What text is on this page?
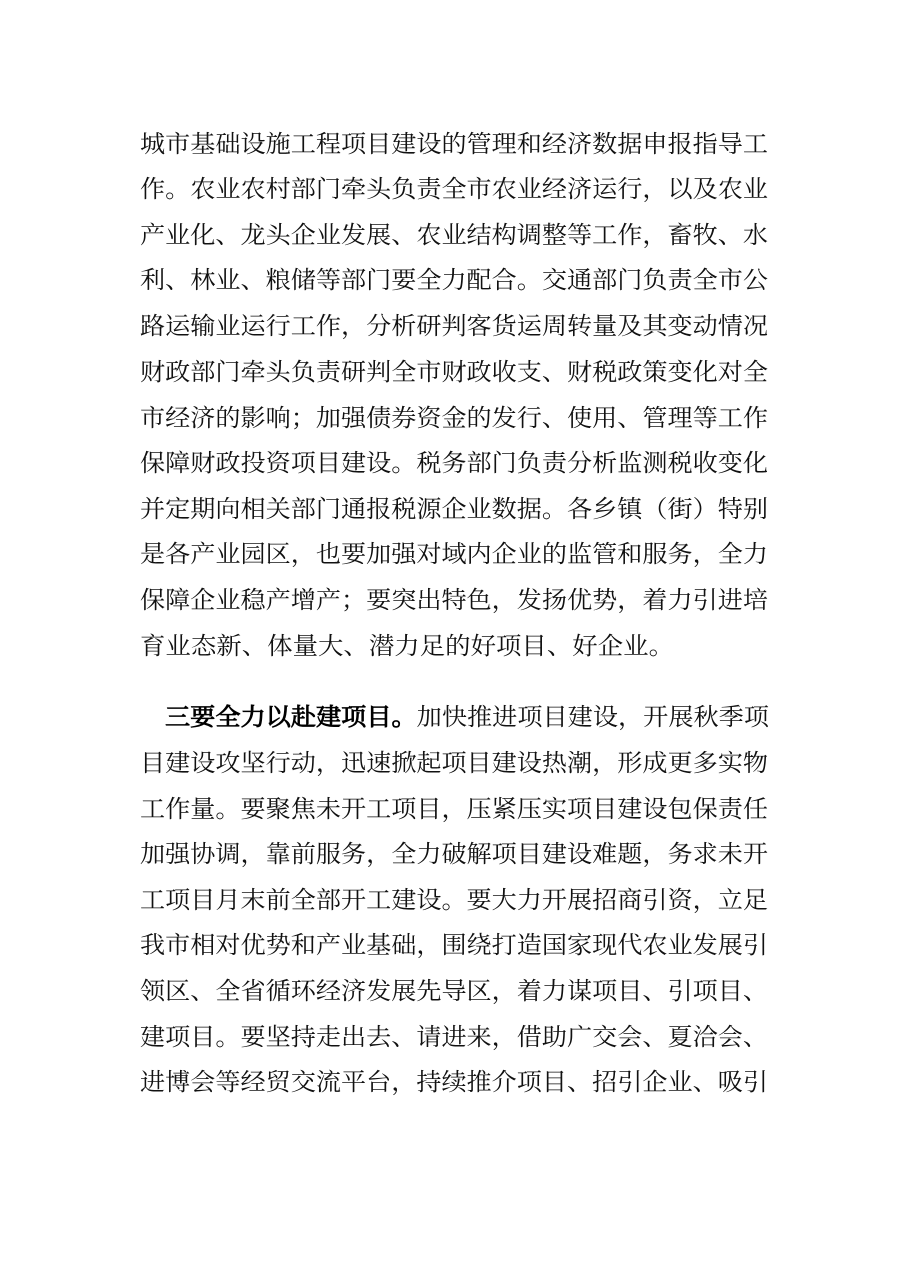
城市基础设施工程项目建设的管理和经济数据申报指导工
作。农业农村部门牵头负责全市农业经济运行，以及农业
产业化、龙头企业发展、农业结构调整等工作，畜牧、水
利、林业、粮储等部门要全力配合。交通部门负责全市公
路运输业运行工作，分析研判客货运周转量及其变动情况
财政部门牵头负责研判全市财政收支、财税政策变化对全
市经济的影响；加强债券资金的发行、使用、管理等工作
保障财政投资项目建设。税务部门负责分析监测税收变化
并定期向相关部门通报税源企业数据。各乡镇（街）特别
是各产业园区，也要加强对域内企业的监管和服务，全力
保障企业稳产增产；要突出特色，发扬优势，着力引进培
育业态新、体量大、潜力足的好项目、好企业。
三要全力以赴建项目。加快推进项目建设，开展秋季项
目建设攻坚行动，迅速掀起项目建设热潮，形成更多实物
工作量。要聚焦未开工项目，压紧压实项目建设包保责任
加强协调，靠前服务，全力破解项目建设难题，务求未开
工项目月末前全部开工建设。要大力开展招商引资，立足
我市相对优势和产业基础，围绕打造国家现代农业发展引
领区、全省循环经济发展先导区，着力谋项目、引项目、
建项目。要坚持走出去、请进来，借助广交会、夏洽会、
进博会等经贸交流平台，持续推介项目、招引企业、吸引
